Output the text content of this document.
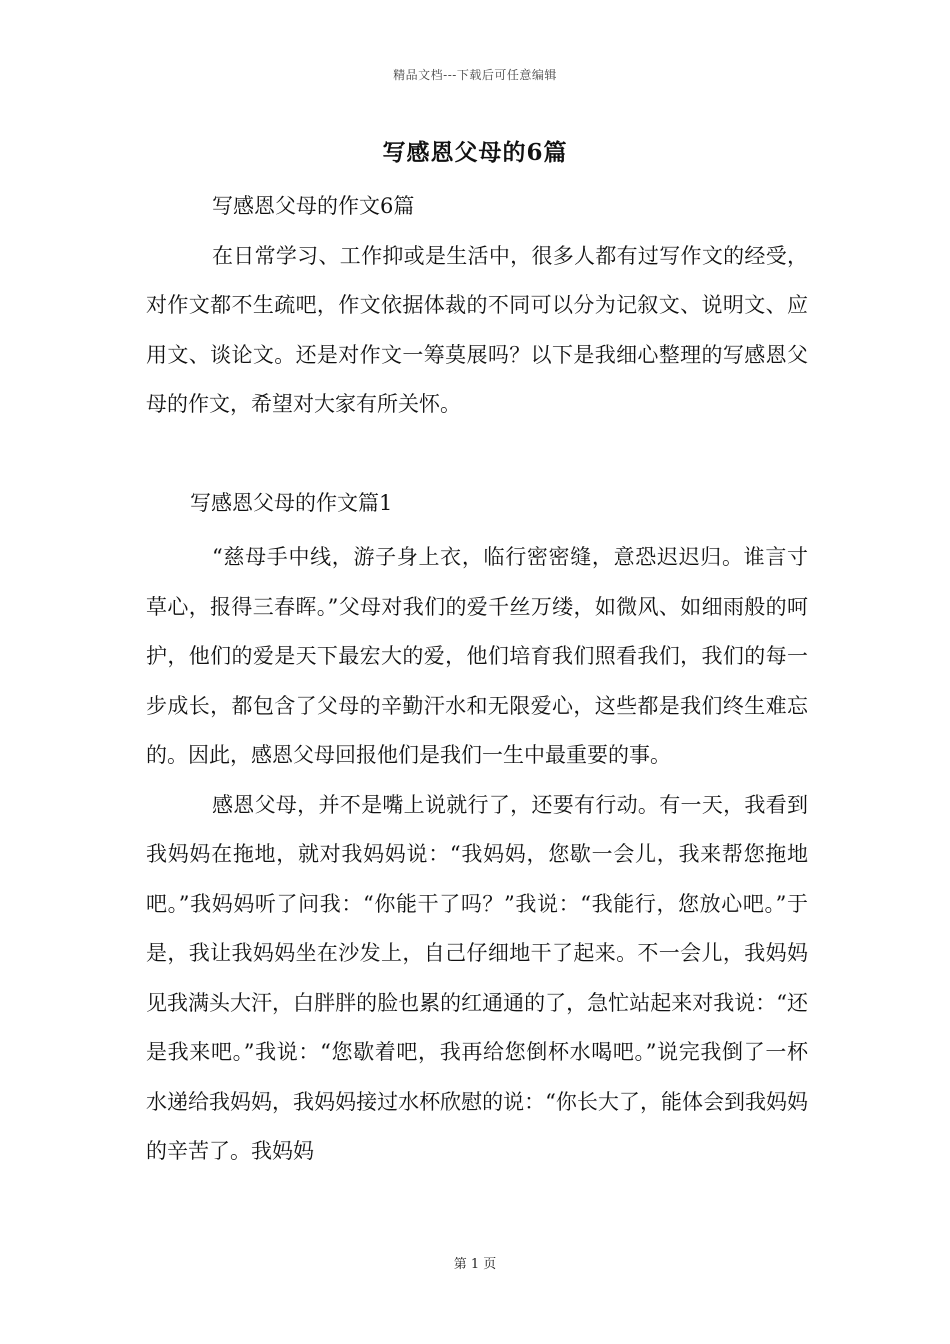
精品文档---下载后可任意编辑
写感恩父母的6篇

写感恩父母的作文6篇

在日常学习、工作抑或是生活中，很多人都有过写作文的经受，对作文都不生疏吧，作文依据体裁的不同可以分为记叙文、说明文、应用文、谈论文。还是对作文一筹莫展吗？以下是我细心整理的写感恩父母的作文，希望对大家有所关怀。

写感恩父母的作文篇1

“慈母手中线，游子身上衣，临行密密缝，意恐迟迟归。谁言寸草心，报得三春晖。”父母对我们的爱千丝万缕，如微风、如细雨般的呵护，他们的爱是天下最宏大的爱，他们培育我们照看我们，我们的每一步成长，都包含了父母的辛勤汗水和无限爱心，这些都是我们终生难忘的。因此，感恩父母回报他们是我们一生中最重要的事。

感恩父母，并不是嘴上说就行了，还要有行动。有一天，我看到我妈妈在拖地，就对我妈妈说：“我妈妈，您歇一会儿，我来帮您拖地吧。”我妈妈听了问我：“你能干了吗？”我说：“我能行，您放心吧。”于是，我让我妈妈坐在沙发上，自己仔细地干了起来。不一会儿，我妈妈见我满头大汗，白胖胖的脸也累的红通通的了，急忙站起来对我说：“还是我来吧。”我说：“您歇着吧，我再给您倒杯水喝吧。”说完我倒了一杯水递给我妈妈，我妈妈接过水杯欣慰的说：“你长大了，能体会到我妈妈的辛苦了。我妈妈

第 1 页
